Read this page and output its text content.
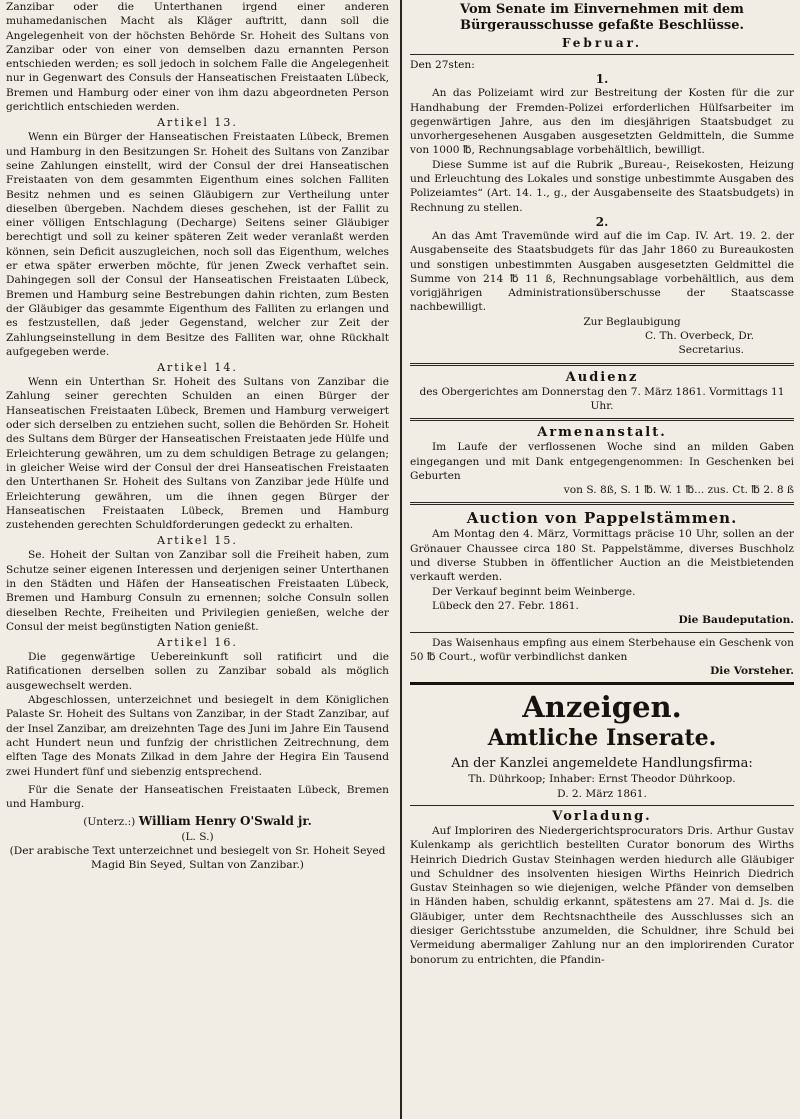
Zanzibar oder die Unterthanen irgend einer anderen muhamedanischen Macht als Kläger auftritt, dann soll die Angelegenheit von der höchsten Behörde Sr. Hoheit des Sultans von Zanzibar oder von einer von demselben dazu ernannten Person entschieden werden; es soll jedoch in solchem Falle die Angelegenheit nur in Gegenwart des Consuls der Hanseatischen Freistaaten Lübeck, Bremen und Hamburg oder einer von ihm dazu abgeordneten Person gerichtlich entschieden werden.

Artikel 13.

Wenn ein Bürger der Hanseatischen Freistaaten Lübeck, Bremen und Hamburg in den Besitzungen Sr. Hoheit des Sultans von Zanzibar seine Zahlungen einstellt, wird der Consul der drei Hanseatischen Freistaaten von dem gesammten Eigenthum eines solchen Falliten Besitz nehmen und es seinen Gläubigern zur Vertheilung unter dieselben übergeben. Nachdem dieses geschehen, ist der Fallit zu einer völligen Entschlagung (Decharge) Seitens seiner Gläubiger berechtigt und soll zu keiner späteren Zeit weder veranlaßt werden können, sein Deficit auszugleichen, noch soll das Eigenthum, welches er etwa später erwerben möchte, für jenen Zweck verhaftet sein. Dahingegen soll der Consul der Hanseatischen Freistaaten Lübeck, Bremen und Hamburg seine Bestrebungen dahin richten, zum Besten der Gläubiger das gesammte Eigenthum des Falliten zu erlangen und es festzustellen, daß jeder Gegenstand, welcher zur Zeit der Zahlungseinstellung in dem Besitze des Falliten war, ohne Rückhalt aufgegeben werde.

Artikel 14.

Wenn ein Unterthan Sr. Hoheit des Sultans von Zanzibar die Zahlung seiner gerechten Schulden an einen Bürger der Hanseatischen Freistaaten Lübeck, Bremen und Hamburg verweigert oder sich derselben zu entziehen sucht, sollen die Behörden Sr. Hoheit des Sultans dem Bürger der Hanseatischen Freistaaten jede Hülfe und Erleichterung gewähren, um zu dem schuldigen Betrage zu gelangen; in gleicher Weise wird der Consul der drei Hanseatischen Freistaaten den Unterthanen Sr. Hoheit des Sultans von Zanzibar jede Hülfe und Erleichterung gewähren, um die ihnen gegen Bürger der Hanseatischen Freistaaten Lübeck, Bremen und Hamburg zustehenden gerechten Schuldforderungen gedeckt zu erhalten.

Artikel 15.

Se. Hoheit der Sultan von Zanzibar soll die Freiheit haben, zum Schutze seiner eigenen Interessen und derjenigen seiner Unterthanen in den Städten und Häfen der Hanseatischen Freistaaten Lübeck, Bremen und Hamburg Consuln zu ernennen; solche Consuln sollen dieselben Rechte, Freiheiten und Privilegien genießen, welche der Consul der meist begünstigten Nation genießt.

Artikel 16.

Die gegenwärtige Uebereinkunft soll ratificirt und die Ratificationen derselben sollen zu Zanzibar sobald als möglich ausgewechselt werden.

Abgeschlossen, unterzeichnet und besiegelt in dem Königlichen Palaste Sr. Hoheit des Sultans von Zanzibar, in der Stadt Zanzibar, auf der Insel Zanzibar, am dreizehnten Tage des Juni im Jahre Ein Tausend acht Hundert neun und funfzig der christlichen Zeitrechnung, dem elften Tage des Monats Zilkad in dem Jahre der Hegira Ein Tausend zwei Hundert fünf und siebenzig entsprechend.

Für die Senate der Hanseatischen Freistaaten Lübeck, Bremen und Hamburg.

(Unterz.:) William Henry O'Swald jr.

(L. S.)

(Der arabische Text unterzeichnet und besiegelt von Sr. Hoheit Seyed Magid Bin Seyed, Sultan von Zanzibar.)

Vom Senate im Einvernehmen mit dem Bürgerausschusse gefaßte Beschlüsse.
Februar.

Den 27sten:

1.

An das Polizeiamt wird zur Bestreitung der Kosten für die zur Handhabung der Fremden-Polizei erforderlichen Hülfsarbeiter im gegenwärtigen Jahre, aus den im diesjährigen Staatsbudget zu unvorhergesehenen Ausgaben ausgesetzten Geldmitteln, die Summe von 1000 ℔, Rechnungsablage vorbehältlich, bewilligt.

Diese Summe ist auf die Rubrik „Bureau-, Reisekosten, Heizung und Erleuchtung des Lokales und sonstige unbestimmte Ausgaben des Polizeiamtes“ (Art. 14. 1., g., der Ausgabenseite des Staatsbudgets) in Rechnung zu stellen.

2.

An das Amt Travemünde wird auf die im Cap. IV. Art. 19. 2. der Ausgabenseite des Staatsbudgets für das Jahr 1860 zu Bureaukosten und sonstigen unbestimmten Ausgaben ausgesetzten Geldmittel die Summe von 214 ℔ 11 ß, Rechnungsablage vorbehältlich, aus dem vorigjährigen Administrationsüberschusse der Staatscasse nachbewilligt.

Zur Beglaubigung

C. Th. Overbeck, Dr.

Secretarius.

Audienz

des Obergerichtes am Donnerstag den 7. März 1861. Vormittags 11 Uhr.

Armenanstalt.

Im Laufe der verflossenen Woche sind an milden Gaben eingegangen und mit Dank entgegengenommen: In Geschenken bei Geburten

von S. 8ß, S. 1 ℔. W. 1 ℔... zus. Ct. ℔ 2. 8 ß

Auction von Pappelstämmen.

Am Montag den 4. März, Vormittags präcise 10 Uhr, sollen an der Grönauer Chaussee circa 180 St. Pappelstämme, diverses Buschholz und diverse Stubben in öffentlicher Auction an die Meistbietenden verkauft werden.

Der Verkauf beginnt beim Weinberge.

Lübeck den 27. Febr. 1861.

Die Baudeputation.

Das Waisenhaus empfing aus einem Sterbehause ein Geschenk von 50 ℔ Court., wofür verbindlichst danken

Die Vorsteher.

Anzeigen.
Amtliche Inserate.
An der Kanzlei angemeldete Handlungsfirma:

Th. Dührkoop; Inhaber: Ernst Theodor Dührkoop.

D. 2. März 1861.

Vorladung.

Auf Imploriren des Niedergerichtsprocurators Dris. Arthur Gustav Kulenkamp als gerichtlich bestellten Curator bonorum des Wirths Heinrich Diedrich Gustav Steinhagen werden hiedurch alle Gläubiger und Schuldner des insolventen hiesigen Wirths Heinrich Diedrich Gustav Steinhagen so wie diejenigen, welche Pfänder von demselben in Händen haben, schuldig erkannt, spätestens am 27. Mai d. Js. die Gläubiger, unter dem Rechtsnachtheile des Ausschlusses sich an diesiger Gerichtsstube anzumelden, die Schuldner, ihre Schuld bei Vermeidung abermaliger Zahlung nur an den implorirenden Curator bonorum zu entrichten, die Pfandin-
